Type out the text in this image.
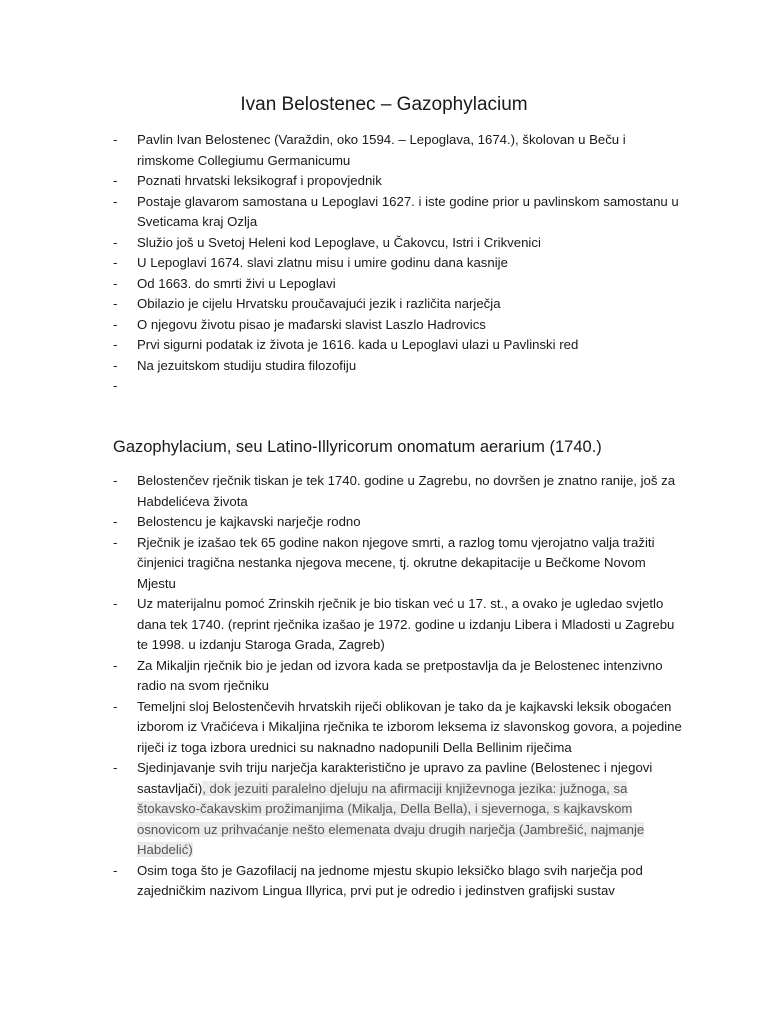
Ivan Belostenec – Gazophylacium
- Pavlin Ivan Belostenec (Varaždin, oko 1594. – Lepoglava, 1674.), školovan u Beču i rimskome Collegiumu Germanicumu
- Poznati hrvatski leksikograf i propovjednik
- Postaje glavarom samostana u Lepoglavi 1627. i iste godine prior u pavlinskom samostanu u Sveticama kraj Ozlja
- Služio još u Svetoj Heleni kod Lepoglave, u Čakovcu, Istri i Crikvenici
- U Lepoglavi 1674. slavi zlatnu misu i umire godinu dana kasnije
- Od 1663. do smrti živi u Lepoglavi
- Obilazio je cijelu Hrvatsku proučavajući jezik i različita narječja
- O njegovu životu pisao je mađarski slavist Laszlo Hadrovics
- Prvi sigurni podatak iz života je 1616. kada u Lepoglavi ulazi u Pavlinski red
- Na jezuitskom studiju studira filozofiju
-

Gazophylacium, seu Latino-Illyricorum onomatum aerarium (1740.)
- Belostenčev rječnik tiskan je tek 1740. godine u Zagrebu, no dovršen je znatno ranije, još za Habdelićeva života
- Belostencu je kajkavski narječje rodno
- Rječnik je izašao tek 65 godine nakon njegove smrti, a razlog tomu vjerojatno valja tražiti činjenici tragična nestanka njegova mecene, tj. okrutne dekapitacije u Bečkome Novom Mjestu
- Uz materijalnu pomoć Zrinskih rječnik je bio tiskan već u 17. st., a ovako je ugledao svjetlo dana tek 1740. (reprint rječnika izašao je 1972. godine u izdanju Libera i Mladosti u Zagrebu te 1998. u izdanju Staroga Grada, Zagreb)
- Za Mikaljin rječnik bio je jedan od izvora kada se pretpostavlja da je Belostenec intenzivno radio na svom rječniku
- Temeljni sloj Belostenčevih hrvatskih riječi oblikovan je tako da je kajkavski leksik obogaćen izborom iz Vračićeva i Mikaljina rječnika te izborom leksema iz slavonskog govora, a pojedine riječi iz toga izbora urednici su naknadno nadopunili Della Bellinim riječima
- Sjedinjavanje svih triju narječja karakteristično je upravo za pavline (Belostenec i njegovi sastavljači), dok jezuiti paralelno djeluju na afirmaciji književnoga jezika: južnoga, sa štokavsko-čakavskim prožimanjima (Mikalja, Della Bella), i sjevernoga, s kajkavskom osnovicom uz prihvaćanje nešto elemenata dvaju drugih narječja (Jambrešić, najmanje Habdelić)
- Osim toga što je Gazofilacij na jednome mjestu skupio leksičko blago svih narječja pod zajedničkim nazivom Lingua Illyrica, prvi put je odredio i jedinstven grafijski sustav
